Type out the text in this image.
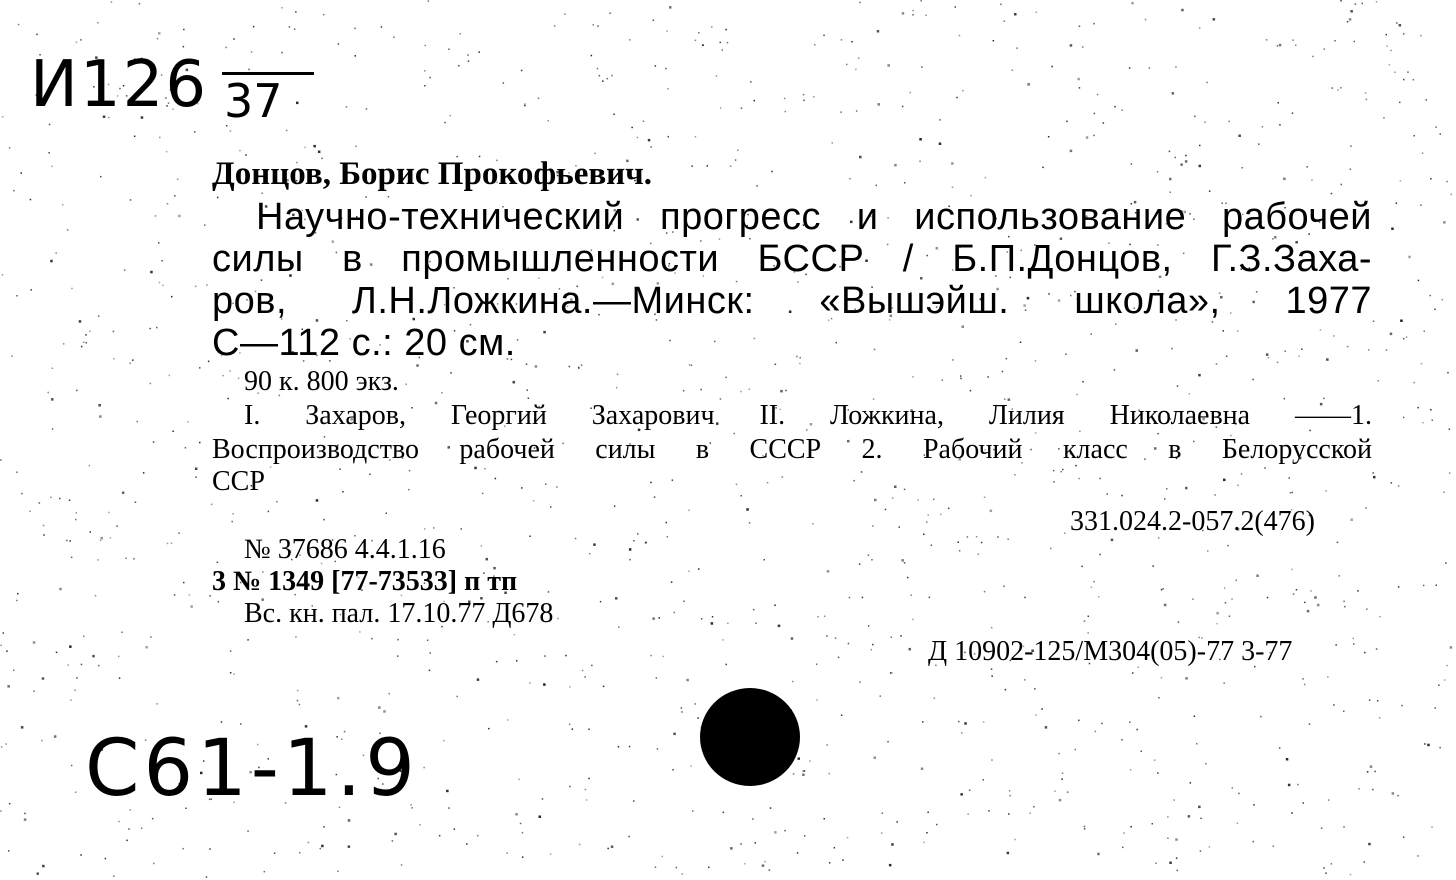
И126 37
Донцов, Борис Прокофьевич.
Научно-технический прогресс и использование рабочей
силы в промышленности БССР / Б.П.Донцов, Г.З.Заха-
ров, Л.Н.Ложкина.—Минск: «Вышэйш. школа», 1977
С—112 с.: 20 см.
90 к. 800 экз.
I. Захаров, Георгий Захарович II. Ложкина, Лилия Николаевна ——1.
Воспроизводство рабочей силы в СССР 2. Рабочий класс в Белорусской
ССР
331.024.2-057.2(476)
№ 37686 4.4.1.16
3 № 1349 [77-73533] п тп
Вс. кн. пал. 17.10.77 Д678
Д 10902-125/М304(05)-77 3-77
С61-1.9
